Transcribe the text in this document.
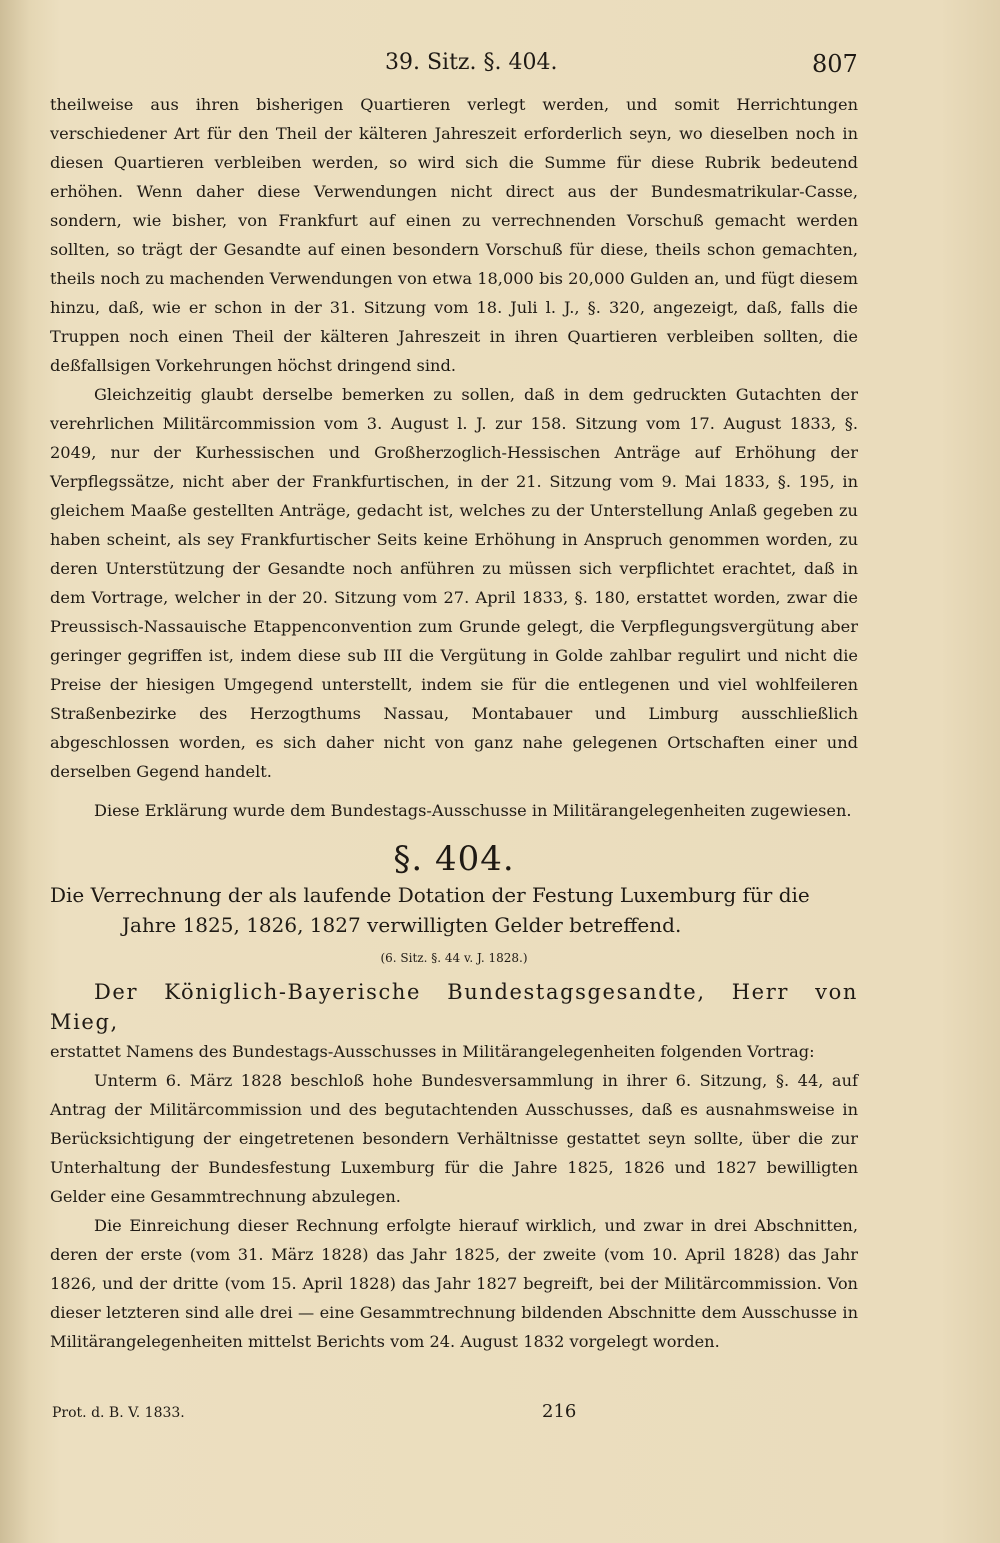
39. Sitz. §. 404.	807

theilweise aus ihren bisherigen Quartieren verlegt werden, und somit Herrichtungen verschiedener Art für den Theil der kälteren Jahreszeit erforderlich seyn, wo dieselben noch in diesen Quartieren verbleiben werden, so wird sich die Summe für diese Rubrik bedeutend erhöhen. Wenn daher diese Verwendungen nicht direct aus der Bundesmatrikular-Casse, sondern, wie bisher, von Frankfurt auf einen zu verrechnenden Vorschuß gemacht werden sollten, so trägt der Gesandte auf einen besondern Vorschuß für diese, theils schon gemachten, theils noch zu machenden Verwendungen von etwa 18,000 bis 20,000 Gulden an, und fügt diesem hinzu, daß, wie er schon in der 31. Sitzung vom 18. Juli l. J., §. 320, angezeigt, daß, falls die Truppen noch einen Theil der kälteren Jahreszeit in ihren Quartieren verbleiben sollten, die deßfallsigen Vorkehrungen höchst dringend sind.

Gleichzeitig glaubt derselbe bemerken zu sollen, daß in dem gedruckten Gutachten der verehrlichen Militärcommission vom 3. August l. J. zur 158. Sitzung vom 17. August 1833, §. 2049, nur der Kurhessischen und Großherzoglich-Hessischen Anträge auf Erhöhung der Verpflegssätze, nicht aber der Frankfurtischen, in der 21. Sitzung vom 9. Mai 1833, §. 195, in gleichem Maaße gestellten Anträge, gedacht ist, welches zu der Unterstellung Anlaß gegeben zu haben scheint, als sey Frankfurtischer Seits keine Erhöhung in Anspruch genommen worden, zu deren Unterstützung der Gesandte noch anführen zu müssen sich verpflichtet erachtet, daß in dem Vortrage, welcher in der 20. Sitzung vom 27. April 1833, §. 180, erstattet worden, zwar die Preussisch-Nassauische Etappenconvention zum Grunde gelegt, die Verpflegungsvergütung aber geringer gegriffen ist, indem diese sub III die Vergütung in Golde zahlbar regulirt und nicht die Preise der hiesigen Umgegend unterstellt, indem sie für die entlegenen und viel wohlfeileren Straßenbezirke des Herzogthums Nassau, Montabauer und Limburg ausschließlich abgeschlossen worden, es sich daher nicht von ganz nahe gelegenen Ortschaften einer und derselben Gegend handelt.

Diese Erklärung wurde dem Bundestags-Ausschusse in Militärangelegenheiten zugewiesen.

§. 404.

Die Verrechnung der als laufende Dotation der Festung Luxemburg für die
Jahre 1825, 1826, 1827 verwilligten Gelder betreffend.

(6. Sitz. §. 44 v. J. 1828.)

Der Königlich-Bayerische Bundestagsgesandte, Herr von Mieg,

erstattet Namens des Bundestags-Ausschusses in Militärangelegenheiten folgenden Vortrag:

Unterm 6. März 1828 beschloß hohe Bundesversammlung in ihrer 6. Sitzung, §. 44, auf Antrag der Militärcommission und des begutachtenden Ausschusses, daß es ausnahmsweise in Berücksichtigung der eingetretenen besondern Verhältnisse gestattet seyn sollte, über die zur Unterhaltung der Bundesfestung Luxemburg für die Jahre 1825, 1826 und 1827 bewilligten Gelder eine Gesammtrechnung abzulegen.

Die Einreichung dieser Rechnung erfolgte hierauf wirklich, und zwar in drei Abschnitten, deren der erste (vom 31. März 1828) das Jahr 1825, der zweite (vom 10. April 1828) das Jahr 1826, und der dritte (vom 15. April 1828) das Jahr 1827 begreift, bei der Militärcommission. Von dieser letzteren sind alle drei — eine Gesammtrechnung bildenden Abschnitte dem Ausschusse in Militärangelegenheiten mittelst Berichts vom 24. August 1832 vorgelegt worden.

Prot. d. B. V. 1833.	216
